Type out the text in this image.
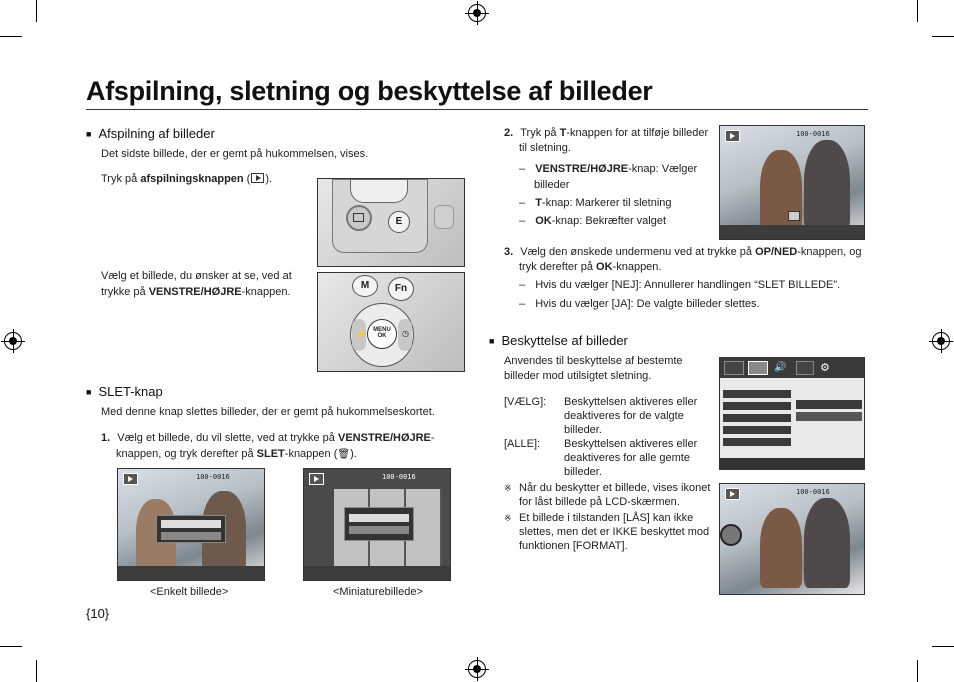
Afspilning, sletning og beskyttelse af billeder
■ Afspilning af billeder
Det sidste billede, der er gemt på hukommelsen, vises.
Tryk på afspilningsknappen ( ).
E
Vælg et billede, du ønsker at se, ved at
trykke på VENSTRE/HØJRE-knappen.
M	Fn
MENU
OK
⚡	◷
■ SLET-knap
Med denne knap slettes billeder, der er gemt på hukommelseskortet.
1. Vælg et billede, du vil slette, ved at trykke på VENSTRE/HØJRE-
knappen, og tryk derefter på SLET-knappen (🗑).
100-0016
<Enkelt billede>
100-0016
<Miniaturebillede>
{10}
2. Tryk på T-knappen for at tilføje billeder
til sletning.
– VENSTRE/HØJRE-knap: Vælger
billeder
– T-knap: Markerer til sletning
– OK-knap: Bekræfter valget
100-0016
3. Vælg den ønskede undermenu ved at trykke på OP/NED-knappen, og
tryk derefter på OK-knappen.
– Hvis du vælger [NEJ]: Annullerer handlingen “SLET BILLEDE”.
– Hvis du vælger [JA]: De valgte billeder slettes.
■ Beskyttelse af billeder
Anvendes til beskyttelse af bestemte
billeder mod utilsigtet sletning.
[VÆLG]: Beskyttelsen aktiveres eller
deaktiveres for de valgte
billeder.
[ALLE]: Beskyttelsen aktiveres eller
deaktiveres for alle gemte
billeder.
※ Når du beskytter et billede, vises ikonet
for låst billede på LCD-skærmen.
※ Et billede i tilstanden [LÅS] kan ikke
slettes, men det er IKKE beskyttet mod
funktionen [FORMAT].
🔊	⚙
100-0016
